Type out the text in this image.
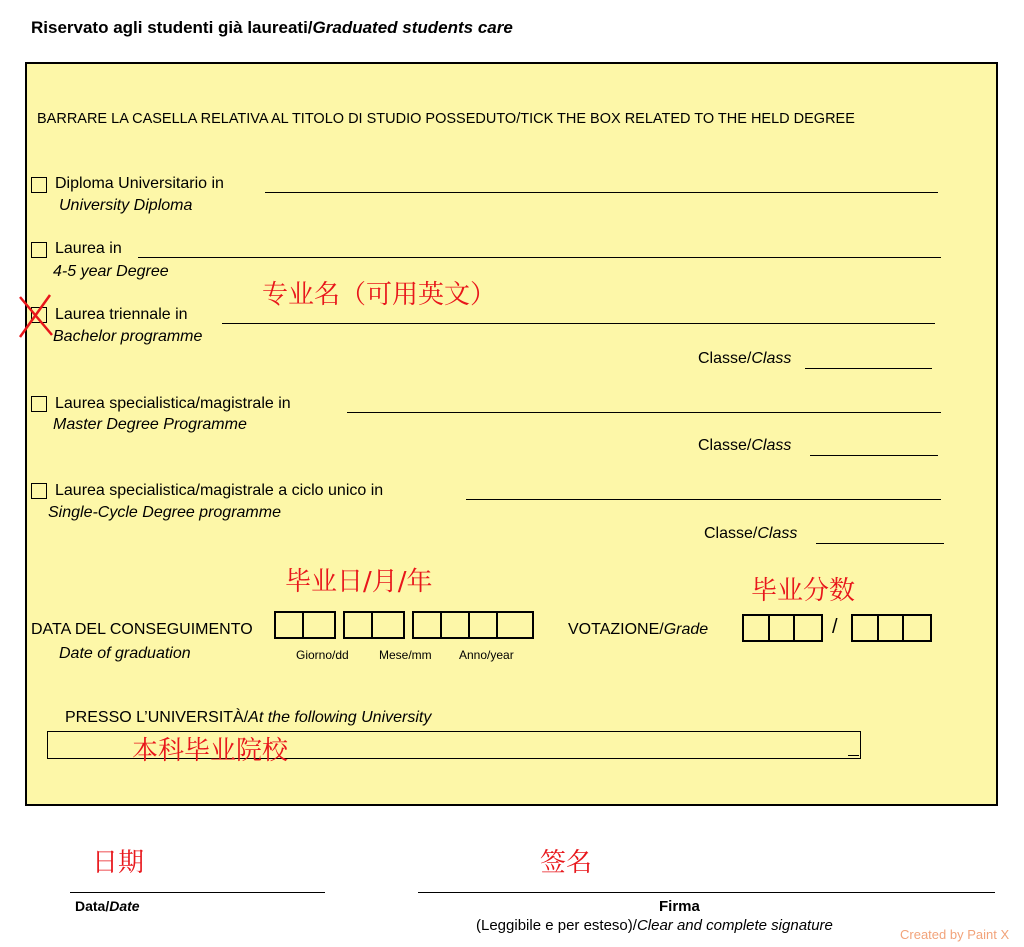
Riservato agli studenti già laureati/Graduated students care
BARRARE LA CASELLA RELATIVA AL TITOLO DI STUDIO POSSEDUTO/TICK THE BOX RELATED TO THE HELD DEGREE
Diploma Universitario in
University Diploma
Laurea in
4-5 year Degree
Laurea triennale in
Bachelor programme
Classe/Class
Laurea specialistica/magistrale in
Master Degree Programme
Classe/Class
Laurea specialistica/magistrale a ciclo unico in
Single-Cycle Degree programme
Classe/Class
DATA DEL CONSEGUIMENTO
Date of graduation	Giorno/dd	Mese/mm Anno/year
VOTAZIONE/Grade	/
PRESSO L’UNIVERSITÀ/At the following University
专业名（可用英文）
毕业日/月/年	毕业分数
本科毕业院校
日期	签名
Data/Date	Firma
(Leggibile e per esteso)/Clear and complete signature
Created by Paint X
